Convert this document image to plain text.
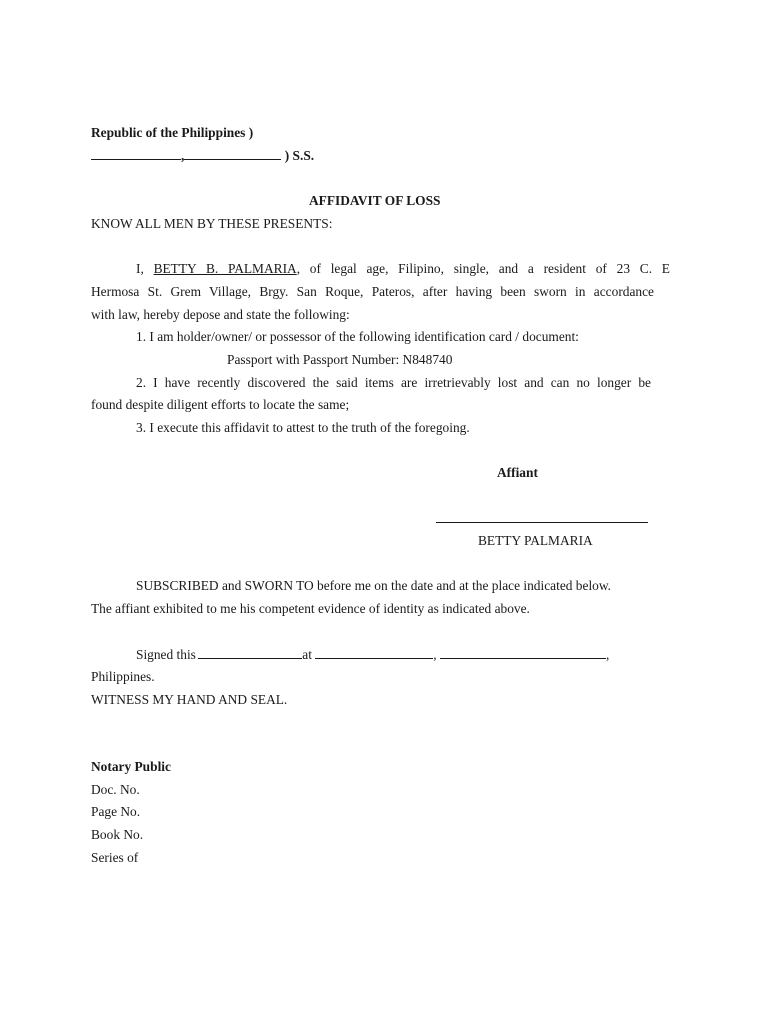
Republic of the Philippines )
,	) S.S.
AFFIDAVIT OF LOSS
KNOW ALL MEN BY THESE PRESENTS:
I, BETTY B. PALMARIA, of legal age, Filipino, single, and a resident of 23 C. E
Hermosa St. Grem Village, Brgy. San Roque, Pateros, after having been sworn in accordance
with law, hereby depose and state the following:
1. I am holder/owner/ or possessor of the following identification card / document:
Passport with Passport Number: N848740
2. I have recently discovered the said items are irretrievably lost and can no longer be
found despite diligent efforts to locate the same;
3. I execute this affidavit to attest to the truth of the foregoing.
Affiant
BETTY PALMARIA
SUBSCRIBED and SWORN TO before me on the date and at the place indicated below.
The affiant exhibited to me his competent evidence of identity as indicated above.
Signed this	at	,	,
Philippines.
WITNESS MY HAND AND SEAL.
Notary Public
Doc. No.
Page No.
Book No.
Series of
